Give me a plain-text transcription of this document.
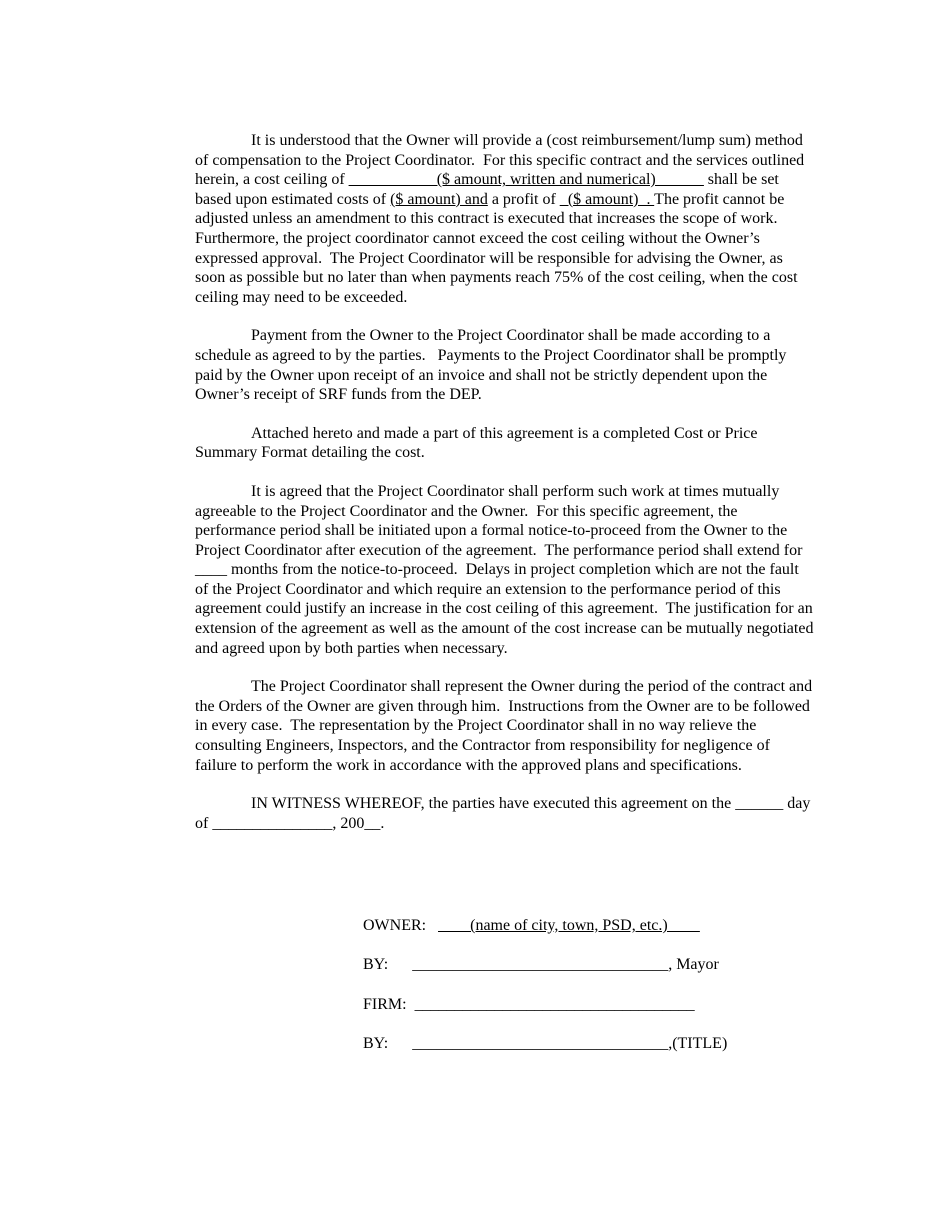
It is understood that the Owner will provide a (cost reimbursement/lump sum) method of compensation to the Project Coordinator.  For this specific contract and the services outlined herein, a cost ceiling of ___________($ amount, written and numerical)______ shall be set based upon estimated costs of ($ amount) and a profit of _($ amount)_. The profit cannot be adjusted unless an amendment to this contract is executed that increases the scope of work.  Furthermore, the project coordinator cannot exceed the cost ceiling without the Owner’s expressed approval.  The Project Coordinator will be responsible for advising the Owner, as soon as possible but no later than when payments reach 75% of the cost ceiling, when the cost ceiling may need to be exceeded.

Payment from the Owner to the Project Coordinator shall be made according to a schedule as agreed to by the parties.   Payments to the Project Coordinator shall be promptly paid by the Owner upon receipt of an invoice and shall not be strictly dependent upon the Owner’s receipt of SRF funds from the DEP.

Attached hereto and made a part of this agreement is a completed Cost or Price Summary Format detailing the cost.

It is agreed that the Project Coordinator shall perform such work at times mutually agreeable to the Project Coordinator and the Owner.  For this specific agreement, the performance period shall be initiated upon a formal notice-to-proceed from the Owner to the Project Coordinator after execution of the agreement.  The performance period shall extend for ____ months from the notice-to-proceed.  Delays in project completion which are not the fault of the Project Coordinator and which require an extension to the performance period of this agreement could justify an increase in the cost ceiling of this agreement.  The justification for an extension of the agreement as well as the amount of the cost increase can be mutually negotiated and agreed upon by both parties when necessary.

The Project Coordinator shall represent the Owner during the period of the contract and the Orders of the Owner are given through him.  Instructions from the Owner are to be followed in every case.  The representation by the Project Coordinator shall in no way relieve the consulting Engineers, Inspectors, and the Contractor from responsibility for negligence of failure to perform the work in accordance with the approved plans and specifications.

IN WITNESS WHEREOF, the parties have executed this agreement on the ______ day of _______________, 200__.

OWNER:   ____(name of city, town, PSD, etc.)____
BY:      ________________________________, Mayor
FIRM:  ___________________________________
BY:      ________________________________,(TITLE)
